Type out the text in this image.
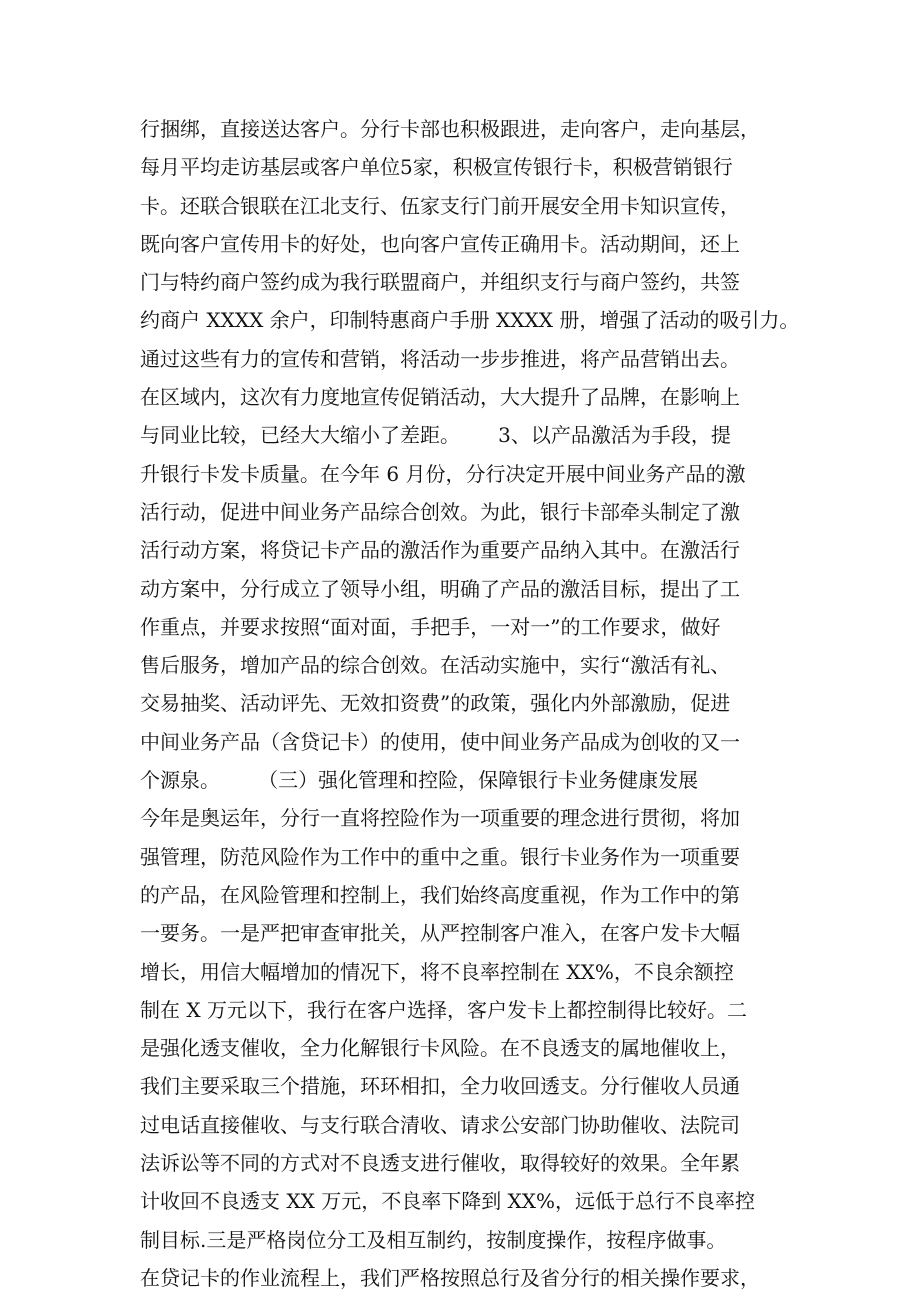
行捆绑，直接送达客户。分行卡部也积极跟进，走向客户，走向基层，
每月平均走访基层或客户单位5家，积极宣传银行卡，积极营销银行
卡。还联合银联在江北支行、伍家支行门前开展安全用卡知识宣传，
既向客户宣传用卡的好处，也向客户宣传正确用卡。活动期间，还上
门与特约商户签约成为我行联盟商户，并组织支行与商户签约，共签
约商户 XXXX 余户，印制特惠商户手册 XXXX 册，增强了活动的吸引力。
通过这些有力的宣传和营销，将活动一步步推进，将产品营销出去。
在区域内，这次有力度地宣传促销活动，大大提升了品牌，在影响上
与同业比较，已经大大缩小了差距。      3、以产品激活为手段，提
升银行卡发卡质量。在今年 6 月份，分行决定开展中间业务产品的激
活行动，促进中间业务产品综合创效。为此，银行卡部牵头制定了激
活行动方案，将贷记卡产品的激活作为重要产品纳入其中。在激活行
动方案中，分行成立了领导小组，明确了产品的激活目标，提出了工
作重点，并要求按照“面对面，手把手，一对一”的工作要求，做好
售后服务，增加产品的综合创效。在活动实施中，实行“激活有礼、
交易抽奖、活动评先、无效扣资费”的政策，强化内外部激励，促进
中间业务产品（含贷记卡）的使用，使中间业务产品成为创收的又一
个源泉。      （三）强化管理和控险，保障银行卡业务健康发展
今年是奥运年，分行一直将控险作为一项重要的理念进行贯彻，将加
强管理，防范风险作为工作中的重中之重。银行卡业务作为一项重要
的产品，在风险管理和控制上，我们始终高度重视，作为工作中的第
一要务。一是严把审查审批关，从严控制客户准入，在客户发卡大幅
增长，用信大幅增加的情况下，将不良率控制在 XX%，不良余额控
制在 X 万元以下，我行在客户选择，客户发卡上都控制得比较好。二
是强化透支催收，全力化解银行卡风险。在不良透支的属地催收上，
我们主要采取三个措施，环环相扣，全力收回透支。分行催收人员通
过电话直接催收、与支行联合清收、请求公安部门协助催收、法院司
法诉讼等不同的方式对不良透支进行催收，取得较好的效果。全年累
计收回不良透支 XX 万元，不良率下降到 XX%，远低于总行不良率控
制目标.三是严格岗位分工及相互制约，按制度操作，按程序做事。
在贷记卡的作业流程上，我们严格按照总行及省分行的相关操作要求，
